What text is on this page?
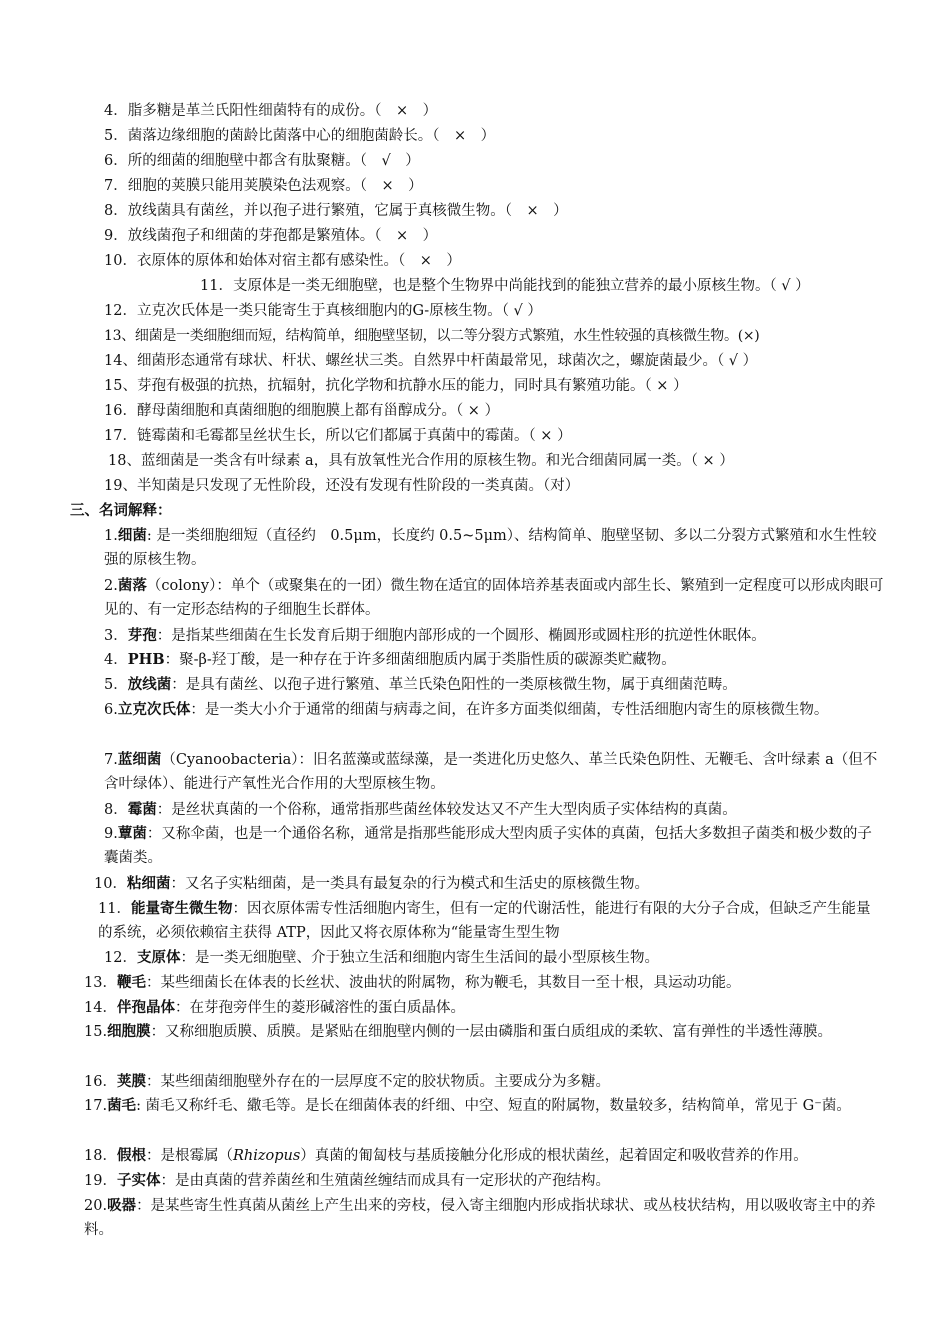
4．脂多糖是革兰氏阳性细菌特有的成份。（　×　）
5．菌落边缘细胞的菌龄比菌落中心的细胞菌龄长。（　×　）
6．所的细菌的细胞壁中都含有肽聚糖。（　√　）
7．细胞的荚膜只能用荚膜染色法观察。（　×　）
8．放线菌具有菌丝，并以孢子进行繁殖，它属于真核微生物。（　×　）
9．放线菌孢子和细菌的芽孢都是繁殖体。（　×　）
10．衣原体的原体和始体对宿主都有感染性。（　×　）
11．支原体是一类无细胞壁，也是整个生物界中尚能找到的能独立营养的最小原核生物。（ √ ）
12．立克次氏体是一类只能寄生于真核细胞内的G-原核生物。（ √ ）
13、细菌是一类细胞细而短，结构简单，细胞壁坚韧，以二等分裂方式繁殖，水生性较强的真核微生物。(×)
14、细菌形态通常有球状、杆状、螺丝状三类。自然界中杆菌最常见，球菌次之，螺旋菌最少。（ √ ）
15、芽孢有极强的抗热，抗辐射，抗化学物和抗静水压的能力，同时具有繁殖功能。（ × ）
16．酵母菌细胞和真菌细胞的细胞膜上都有甾醇成分。（ × ）
17．链霉菌和毛霉都呈丝状生长，所以它们都属于真菌中的霉菌。（ × ）
18、蓝细菌是一类含有叶绿素 a，具有放氧性光合作用的原核生物。和光合细菌同属一类。（ × ）
19、半知菌是只发现了无性阶段，还没有发现有性阶段的一类真菌。（对）
三、名词解释：
1.细菌: 是一类细胞细短（直径约　0.5μm，长度约 0.5~5μm）、结构简单、胞壁坚韧、多以二分裂方式繁殖和水生性较强的原核生物。
2.菌落（colony）：单个（或聚集在的一团）微生物在适宜的固体培养基表面或内部生长、繁殖到一定程度可以形成肉眼可见的、有一定形态结构的子细胞生长群体。
3．芽孢：是指某些细菌在生长发育后期于细胞内部形成的一个圆形、椭圆形或圆柱形的抗逆性休眠体。
4．PHB：聚-β-羟丁酸，是一种存在于许多细菌细胞质内属于类脂性质的碳源类贮藏物。
5．放线菌：是具有菌丝、以孢子进行繁殖、革兰氏染色阳性的一类原核微生物，属于真细菌范畴。
6.立克次氏体：是一类大小介于通常的细菌与病毒之间，在许多方面类似细菌，专性活细胞内寄生的原核微生物。
7.蓝细菌（Cyanoobacteria）：旧名蓝藻或蓝绿藻，是一类进化历史悠久、革兰氏染色阴性、无鞭毛、含叶绿素 a（但不含叶绿体）、能进行产氧性光合作用的大型原核生物。
8．霉菌：是丝状真菌的一个俗称，通常指那些菌丝体较发达又不产生大型肉质子实体结构的真菌。
9.蕈菌：又称伞菌，也是一个通俗名称，通常是指那些能形成大型肉质子实体的真菌，包括大多数担子菌类和极少数的子囊菌类。
10．粘细菌：又名子实粘细菌，是一类具有最复杂的行为模式和生活史的原核微生物。
11．能量寄生微生物：因衣原体需专性活细胞内寄生，但有一定的代谢活性，能进行有限的大分子合成，但缺乏产生能量的系统，必须依赖宿主获得 ATP，因此又将衣原体称为“能量寄生型生物
12．支原体：是一类无细胞壁、介于独立生活和细胞内寄生生活间的最小型原核生物。
13．鞭毛：某些细菌长在体表的长丝状、波曲状的附属物，称为鞭毛，其数目一至十根，具运动功能。
14．伴孢晶体：在芽孢旁伴生的菱形碱溶性的蛋白质晶体。
15.细胞膜：又称细胞质膜、质膜。是紧贴在细胞壁内侧的一层由磷脂和蛋白质组成的柔软、富有弹性的半透性薄膜。
16．荚膜：某些细菌细胞壁外存在的一层厚度不定的胶状物质。主要成分为多糖。
17.菌毛: 菌毛又称纤毛、繖毛等。是长在细菌体表的纤细、中空、短直的附属物，数量较多，结构简单，常见于 G⁻菌。
18．假根：是根霉属（Rhizopus）真菌的匍匐枝与基质接触分化形成的根状菌丝，起着固定和吸收营养的作用。
19．子实体：是由真菌的营养菌丝和生殖菌丝缠结而成具有一定形状的产孢结构。
20.吸器：是某些寄生性真菌从菌丝上产生出来的旁枝，侵入寄主细胞内形成指状球状、或丛枝状结构，用以吸收寄主中的养料。
